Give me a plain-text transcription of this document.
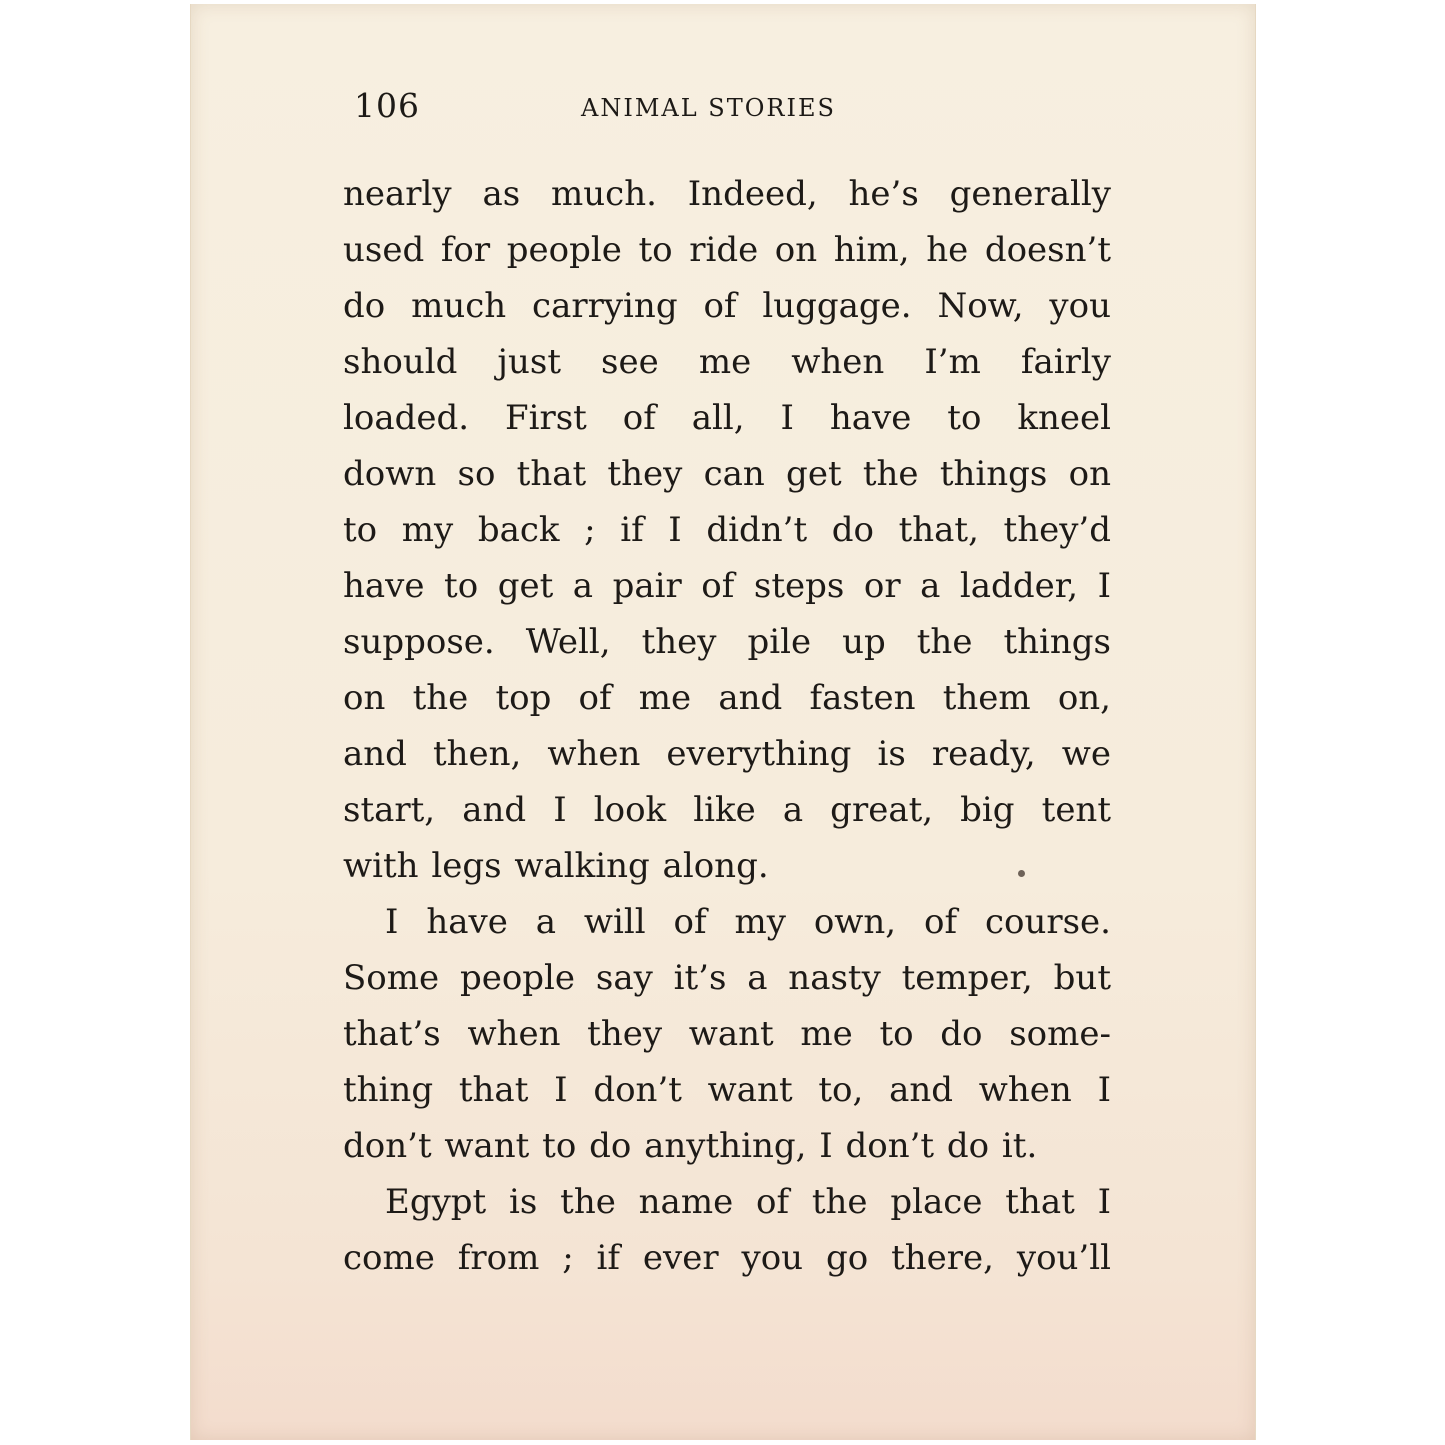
106	ANIMAL STORIES
nearly as much. Indeed, he’s generally
used for people to ride on him, he doesn’t
do much carrying of luggage. Now, you
should just see me when I’m fairly
loaded. First of all, I have to kneel
down so that they can get the things on
to my back ; if I didn’t do that, they’d
have to get a pair of steps or a ladder, I
suppose. Well, they pile up the things
on the top of me and fasten them on,
and then, when everything is ready, we
start, and I look like a great, big tent
with legs walking along.
I have a will of my own, of course.
Some people say it’s a nasty temper, but
that’s when they want me to do some-
thing that I don’t want to, and when I
don’t want to do anything, I don’t do it.
Egypt is the name of the place that I
come from ; if ever you go there, you’ll
